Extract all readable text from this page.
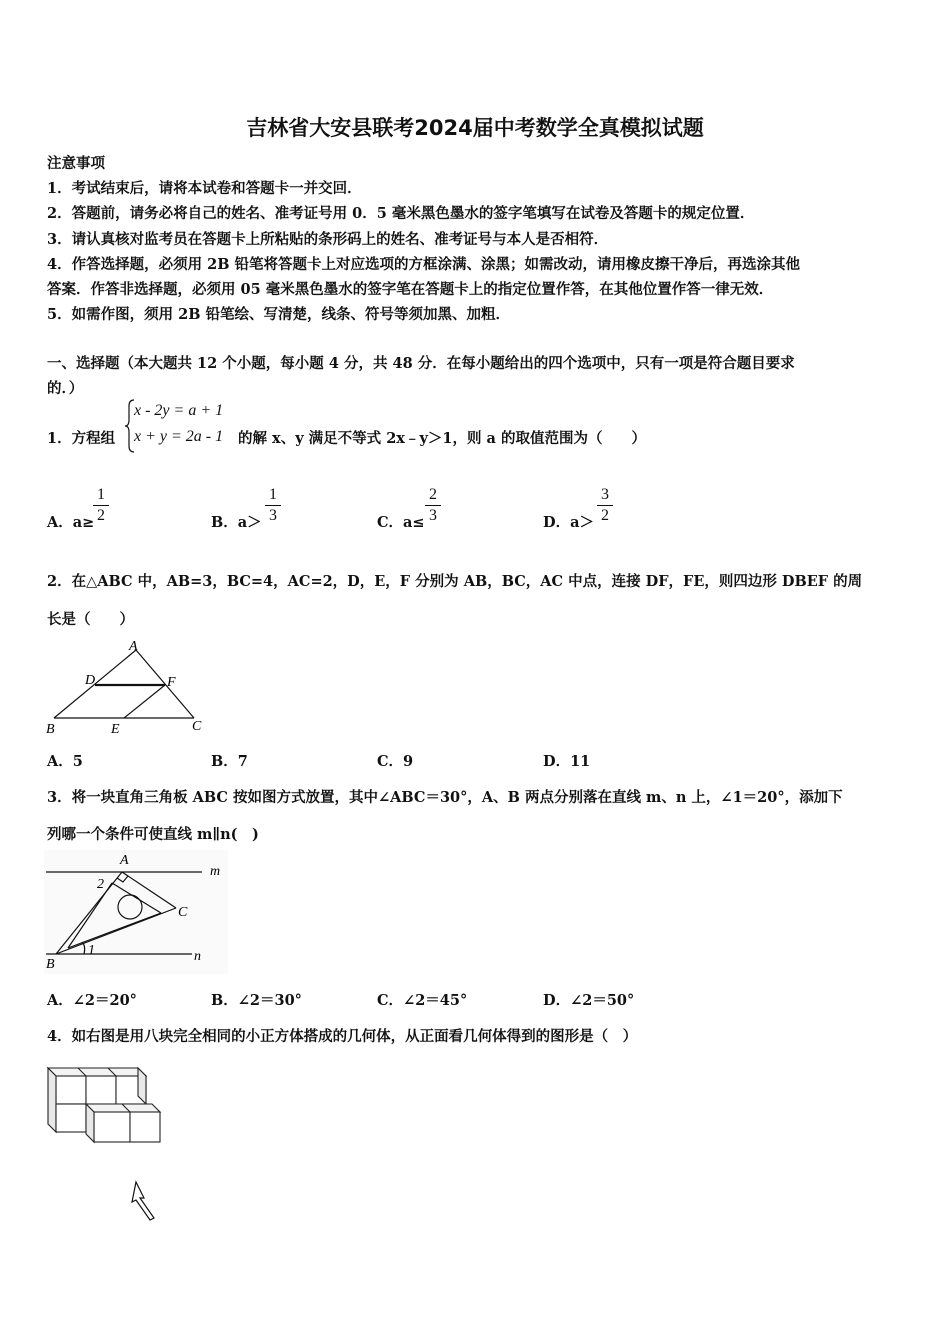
吉林省大安县联考2024届中考数学全真模拟试题
注意事项
1．考试结束后，请将本试卷和答题卡一并交回．
2．答题前，请务必将自己的姓名、准考证号用 0．5 毫米黑色墨水的签字笔填写在试卷及答题卡的规定位置．
3．请认真核对监考员在答题卡上所粘贴的条形码上的姓名、准考证号与本人是否相符．
4．作答选择题，必须用 2B 铅笔将答题卡上对应选项的方框涂满、涂黑；如需改动，请用橡皮擦干净后，再选涂其他
答案．作答非选择题，必须用 05 毫米黑色墨水的签字笔在答题卡上的指定位置作答，在其他位置作答一律无效．
5．如需作图，须用 2B 铅笔绘、写清楚，线条、符号等须加黑、加粗．
一、选择题（本大题共 12 个小题，每小题 4 分，共 48 分．在每小题给出的四个选项中，只有一项是符合题目要求
的．）
1．方程组
x - 2y = a + 1
x + y = 2a - 1 的解 x、y 满足不等式 2x﹣y＞1，则 a 的取值范围为（　　）
A．a≥
1
2	B．a＞
1
3	C．a≤
2
3	D．a＞
3
2
2．在△ABC 中，AB=3，BC=4，AC=2，D，E，F 分别为 AB，BC，AC 中点，连接 DF，FE，则四边形 DBEF 的周
长是（　　）
A
D	F
B	E	C
A．5	B．7	C．9	D．11
3．将一块直角三角板 ABC 按如图方式放置，其中∠ABC＝30°，A、B 两点分别落在直线 m、n 上，∠1＝20°，添加下
列哪一个条件可使直线 m∥n(　)
A
m
2
C
1
B
n
A．∠2＝20°	B．∠2＝30°	C．∠2＝45°	D．∠2＝50°
4．如右图是用八块完全相同的小正方体搭成的几何体，从正面看几何体得到的图形是（　）
